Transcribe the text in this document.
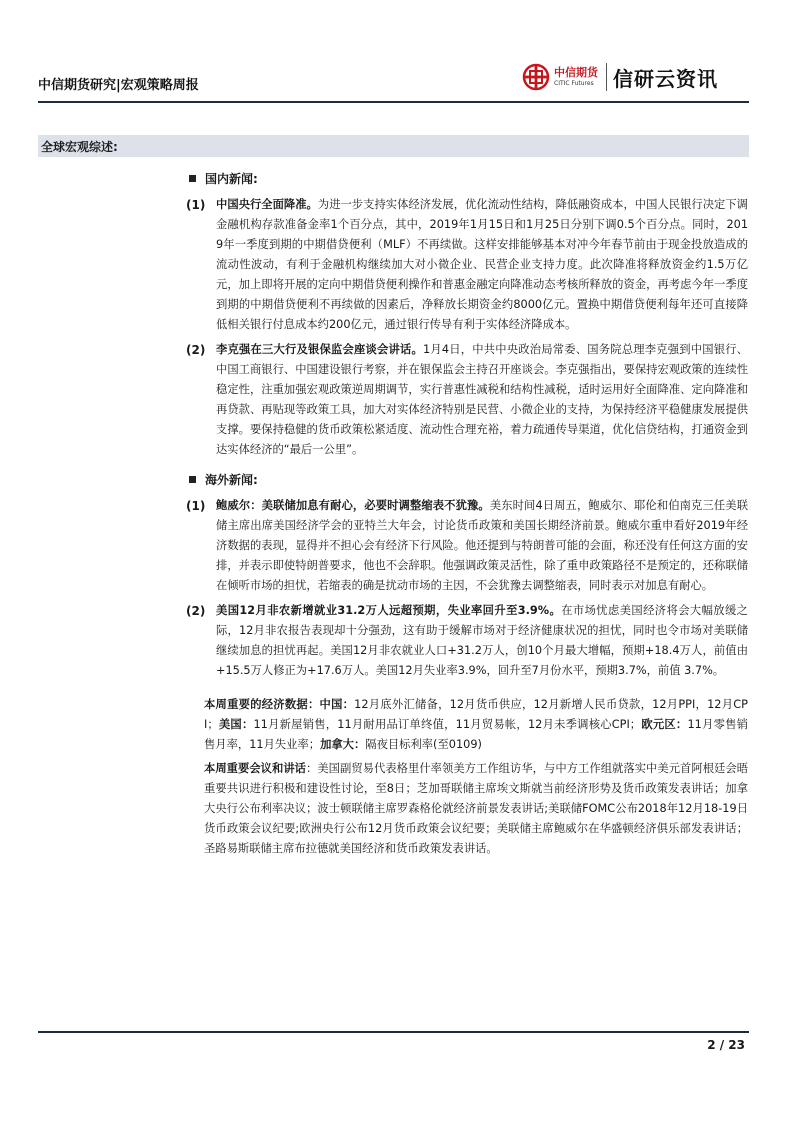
中信期货研究|宏观策略周报
中信期货
CITIC Futures 信研云资讯
全球宏观综述:
国内新闻:
(1) 中国央行全面降准。为进一步支持实体经济发展，优化流动性结构，降低融资成本，中国人民银行决定下调金融机构存款准备金率1个百分点，其中，2019年1月15日和1月25日分别下调0.5个百分点。同时，2019年一季度到期的中期借贷便利（MLF）不再续做。这样安排能够基本对冲今年春节前由于现金投放造成的流动性波动，有利于金融机构继续加大对小微企业、民营企业支持力度。此次降准将释放资金约1.5万亿元，加上即将开展的定向中期借贷便利操作和普惠金融定向降准动态考核所释放的资金，再考虑今年一季度到期的中期借贷便利不再续做的因素后，净释放长期资金约8000亿元。置换中期借贷便利每年还可直接降低相关银行付息成本约200亿元，通过银行传导有利于实体经济降成本。
(2) 李克强在三大行及银保监会座谈会讲话。1月4日，中共中央政治局常委、国务院总理李克强到中国银行、中国工商银行、中国建设银行考察，并在银保监会主持召开座谈会。李克强指出，要保持宏观政策的连续性稳定性，注重加强宏观政策逆周期调节，实行普惠性减税和结构性减税，适时运用好全面降准、定向降准和再贷款、再贴现等政策工具，加大对实体经济特别是民营、小微企业的支持，为保持经济平稳健康发展提供支撑。要保持稳健的货币政策松紧适度、流动性合理充裕，着力疏通传导渠道，优化信贷结构，打通资金到达实体经济的“最后一公里”。
海外新闻:
(1) 鲍威尔：美联储加息有耐心，必要时调整缩表不犹豫。美东时间4日周五，鲍威尔、耶伦和伯南克三任美联储主席出席美国经济学会的亚特兰大年会，讨论货币政策和美国长期经济前景。鲍威尔重申看好2019年经济数据的表现，显得并不担心会有经济下行风险。他还提到与特朗普可能的会面，称还没有任何这方面的安排，并表示即使特朗普要求，他也不会辞职。他强调政策灵活性，除了重申政策路径不是预定的，还称联储在倾听市场的担忧，若缩表的确是扰动市场的主因，不会犹豫去调整缩表，同时表示对加息有耐心。
(2) 美国12月非农新增就业31.2万人远超预期，失业率回升至3.9%。在市场忧虑美国经济将会大幅放缓之际，12月非农报告表现却十分强劲，这有助于缓解市场对于经济健康状况的担忧，同时也令市场对美联储继续加息的担忧再起。美国12月非农就业人口+31.2万人，创10个月最大增幅，预期+18.4万人，前值由+15.5万人修正为+17.6万人。美国12月失业率3.9%，回升至7月份水平，预期3.7%，前值 3.7%。

本周重要的经济数据：中国：12月底外汇储备，12月货币供应，12月新增人民币贷款，12月PPI，12月CPI；美国：11月新屋销售，11月耐用品订单终值，11月贸易帐，12月未季调核心CPI；欧元区：11月零售销售月率，11月失业率；加拿大：隔夜目标利率(至0109)

本周重要会议和讲话：美国副贸易代表格里什率领美方工作组访华，与中方工作组就落实中美元首阿根廷会晤重要共识进行积极和建设性讨论，至8日；芝加哥联储主席埃文斯就当前经济形势及货币政策发表讲话；加拿大央行公布利率决议；波士顿联储主席罗森格伦就经济前景发表讲话;美联储FOMC公布2018年12月18-19日货币政策会议纪要;欧洲央行公布12月货币政策会议纪要；美联储主席鲍威尔在华盛顿经济俱乐部发表讲话；圣路易斯联储主席布拉德就美国经济和货币政策发表讲话。

2 / 23
